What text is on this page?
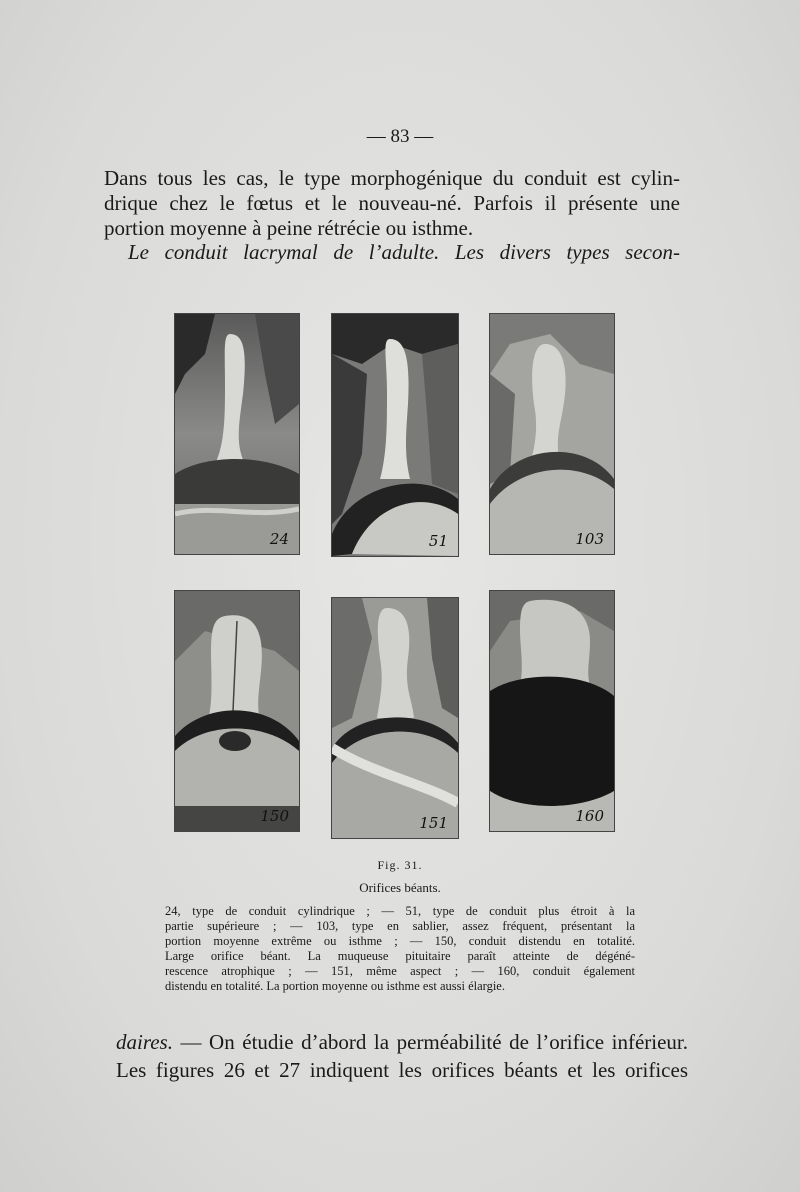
— 83 —

Dans tous les cas, le type morphogénique du conduit est cylin-
drique chez le fœtus et le nouveau-né. Parfois il présente une
portion moyenne à peine rétrécie ou isthme.

Le conduit lacrymal de l’adulte. Les divers types secon-
24	51	103
150	151	160
Fig. 31.
Orifices béants.

24, type de conduit cylindrique ; — 51, type de conduit plus étroit à la
partie supérieure ; — 103, type en sablier, assez fréquent, présentant la
portion moyenne extrême ou isthme ; — 150, conduit distendu en totalité.
Large orifice béant. La muqueuse pituitaire paraît atteinte de dégéné-
rescence atrophique ; — 151, même aspect ; — 160, conduit également
distendu en totalité. La portion moyenne ou isthme est aussi élargie.

daires. — On étudie d’abord la perméabilité de l’orifice inférieur.
Les figures 26 et 27 indiquent les orifices béants et les orifices
